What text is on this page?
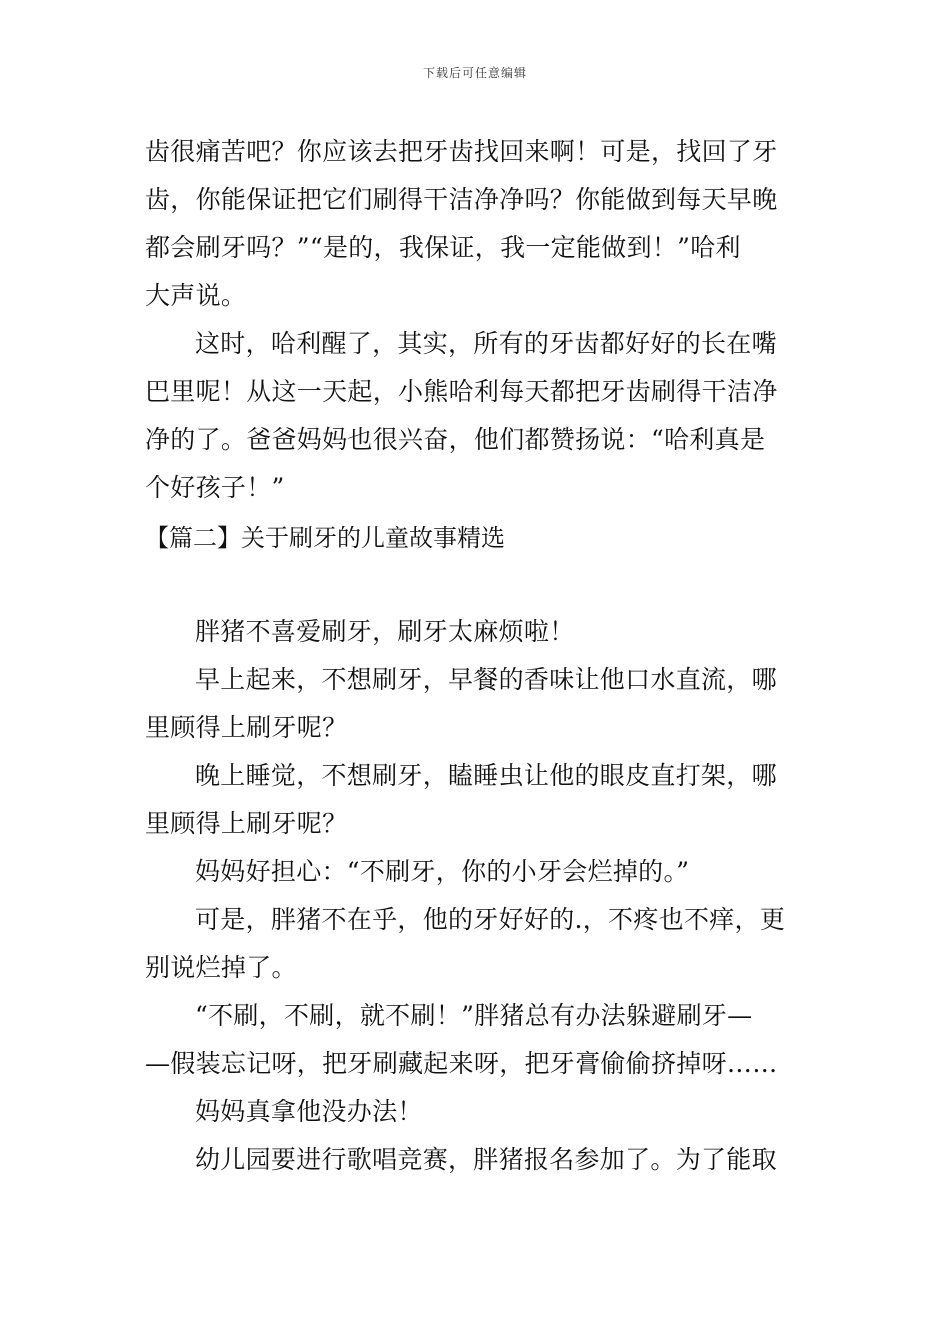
下载后可任意编辑
齿很痛苦吧？你应该去把牙齿找回来啊！可是，找回了牙
齿，你能保证把它们刷得干洁净净吗？你能做到每天早晚
都会刷牙吗？”“是的，我保证，我一定能做到！”哈利
大声说。
这时，哈利醒了，其实，所有的牙齿都好好的长在嘴
巴里呢！从这一天起，小熊哈利每天都把牙齿刷得干洁净
净的了。爸爸妈妈也很兴奋，他们都赞扬说：“哈利真是
个好孩子！”
【篇二】关于刷牙的儿童故事精选
胖猪不喜爱刷牙，刷牙太麻烦啦！
早上起来，不想刷牙，早餐的香味让他口水直流，哪
里顾得上刷牙呢？
晚上睡觉，不想刷牙，瞌睡虫让他的眼皮直打架，哪
里顾得上刷牙呢？
妈妈好担心：“不刷牙，你的小牙会烂掉的。”
可是，胖猪不在乎，他的牙好好的.，不疼也不痒，更
别说烂掉了。
“不刷，不刷，就不刷！”胖猪总有办法躲避刷牙—
—假装忘记呀，把牙刷藏起来呀，把牙膏偷偷挤掉呀……
妈妈真拿他没办法！
幼儿园要进行歌唱竞赛，胖猪报名参加了。为了能取
